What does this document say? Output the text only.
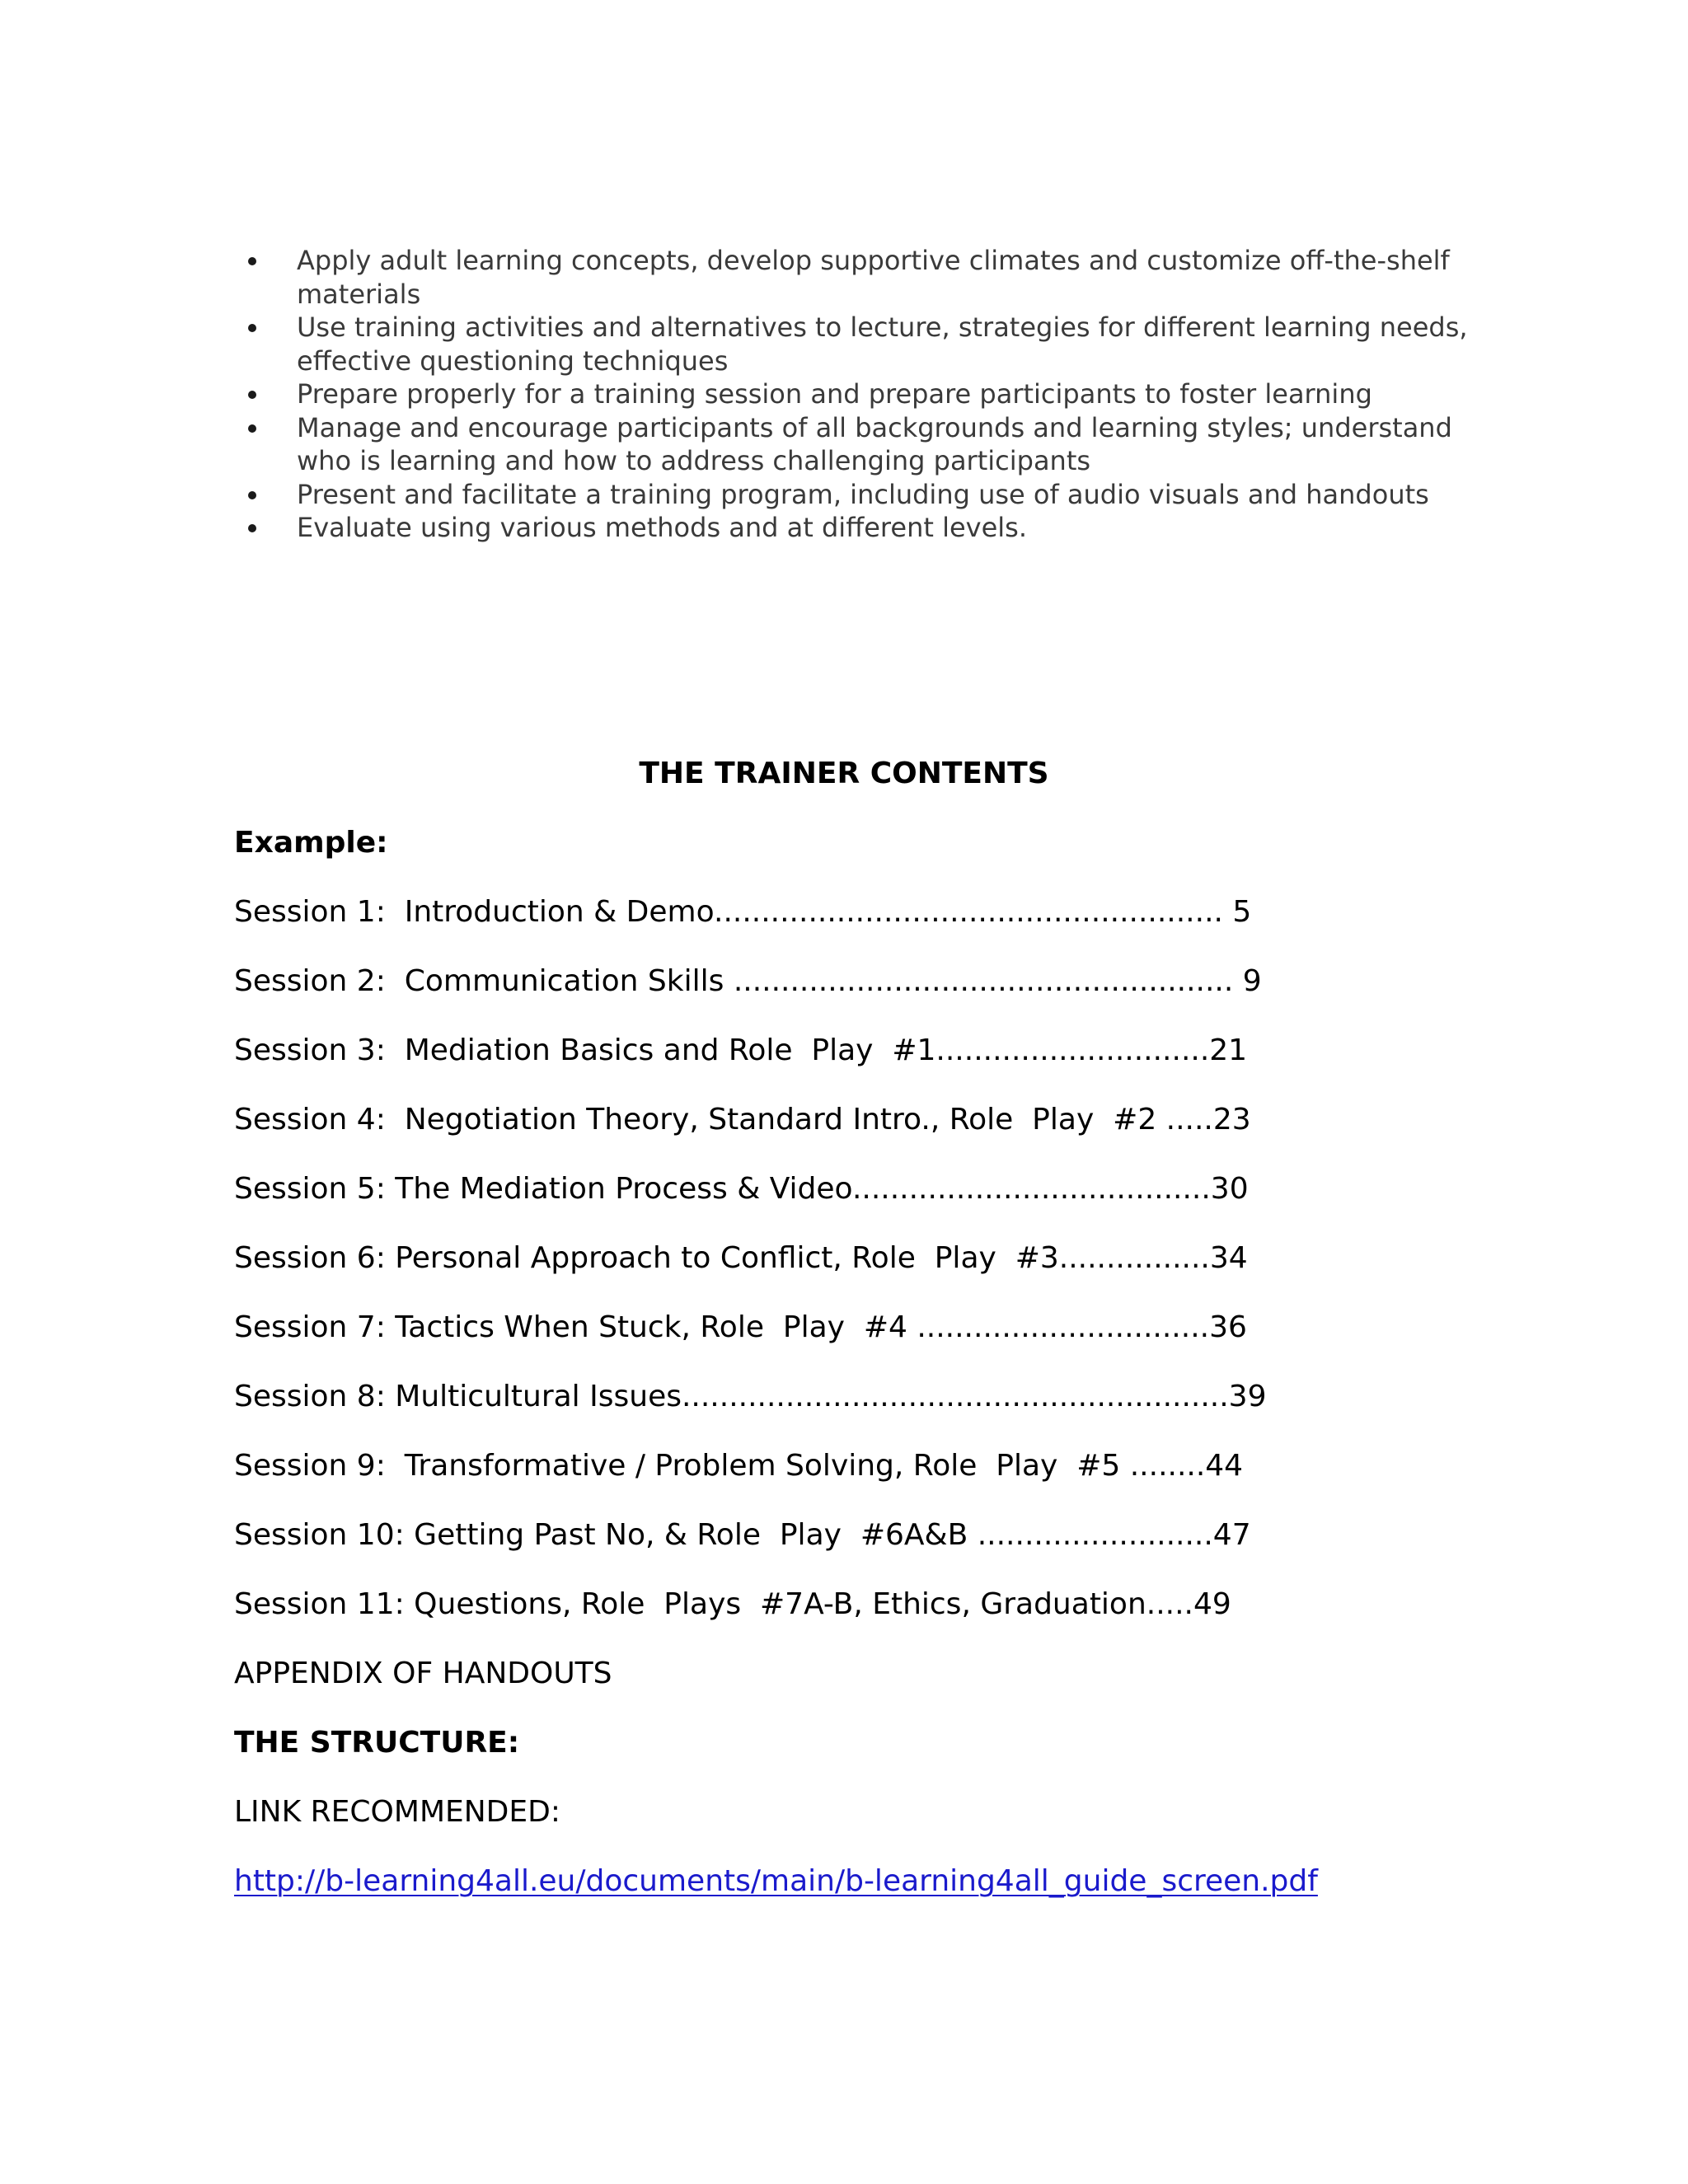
Apply adult learning concepts, develop supportive climates and customize off-the-shelf materials
Use training activities and alternatives to lecture, strategies for different learning needs, effective questioning techniques
Prepare properly for a training session and prepare participants to foster learning
Manage and encourage participants of all backgrounds and learning styles; understand who is learning and how to address challenging participants
Present and facilitate a training program, including use of audio visuals and handouts
Evaluate using various methods and at different levels.
THE TRAINER CONTENTS
Example:
Session 1:  Introduction & Demo...................................................... 5
Session 2:  Communication Skills ..................................................... 9
Session 3:  Mediation Basics and Role  Play  #1.............................21
Session 4:  Negotiation Theory, Standard Intro., Role  Play  #2 .....23
Session 5: The Mediation Process & Video......................................30
Session 6: Personal Approach to Conflict, Role  Play  #3................34
Session 7: Tactics When Stuck, Role  Play  #4 ...............................36
Session 8: Multicultural Issues..........................................................39
Session 9:  Transformative / Problem Solving, Role  Play  #5 ........44
Session 10: Getting Past No, & Role  Play  #6A&B .........................47
Session 11: Questions, Role  Plays  #7A-B, Ethics, Graduation.....49
APPENDIX OF HANDOUTS
THE STRUCTURE:
LINK RECOMMENDED:
http://b-learning4all.eu/documents/main/b-learning4all_guide_screen.pdf
